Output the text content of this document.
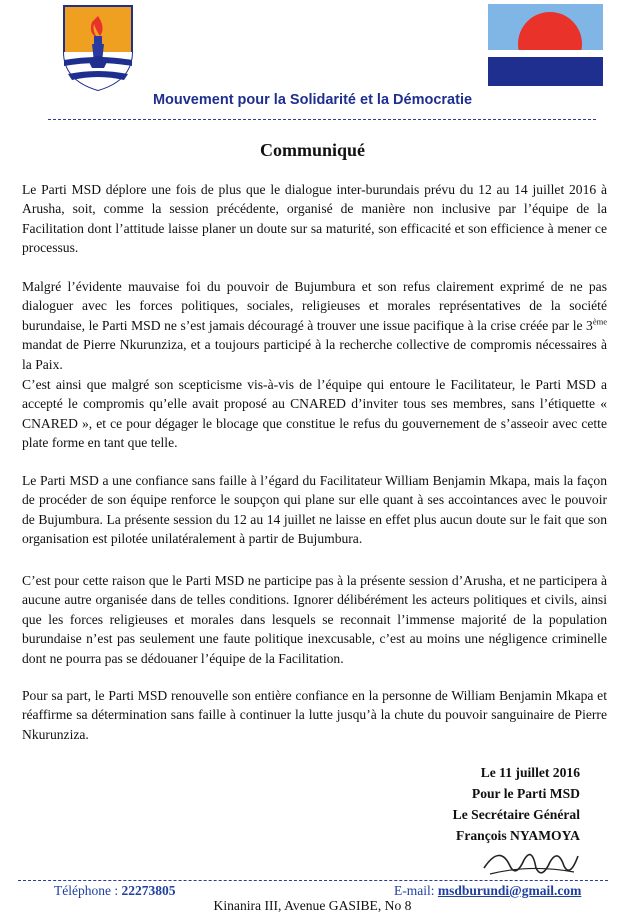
Mouvement pour la Solidarité et la Démocratie
Communiqué

Le Parti MSD déplore une fois de plus que le dialogue inter-burundais prévu du 12 au 14 juillet 2016 à Arusha, soit, comme la session précédente, organisé de manière non inclusive par l’équipe de la Facilitation dont l’attitude laisse planer un doute sur sa maturité, son efficacité et son efficience à mener ce processus.

Malgré l’évidente mauvaise foi du pouvoir de Bujumbura et son refus clairement exprimé de ne pas dialoguer avec les forces politiques, sociales, religieuses et morales représentatives de la société burundaise, le Parti MSD ne s’est jamais découragé à trouver une issue pacifique à la crise créée par le 3ème mandat de Pierre Nkurunziza, et a toujours participé à la recherche collective de compromis nécessaires à la Paix.

C’est ainsi que malgré son scepticisme vis-à-vis de l’équipe qui entoure le Facilitateur, le Parti MSD a accepté le compromis qu’elle avait proposé au CNARED d’inviter tous ses membres, sans l’étiquette « CNARED », et ce pour dégager le blocage que constitue le refus du gouvernement de s’asseoir avec cette plate forme en tant que telle.

Le Parti MSD a une confiance sans faille à l’égard du Facilitateur William Benjamin Mkapa, mais la façon de procéder de son équipe renforce le soupçon qui plane sur elle quant à ses accointances avec le pouvoir de Bujumbura. La présente session du 12 au 14 juillet ne laisse en effet plus aucun doute sur le fait que son organisation est pilotée unilatéralement à partir de Bujumbura.

C’est pour cette raison que le Parti MSD ne participe pas à la présente session d’Arusha, et ne participera à aucune autre organisée dans de telles conditions. Ignorer délibérément les acteurs politiques et civils, ainsi que les forces religieuses et morales dans lesquels se reconnait l’immense majorité de la population burundaise n’est pas seulement une faute politique inexcusable, c’est au moins une négligence criminelle dont ne pourra pas se dédouaner l’équipe de la Facilitation.

Pour sa part, le Parti MSD renouvelle son entière confiance en la personne de William Benjamin Mkapa et réaffirme sa détermination sans faille à continuer la lutte jusqu’à la chute du pouvoir sanguinaire de Pierre Nkurunziza.

Le 11 juillet 2016
Pour le Parti MSD
Le Secrétaire Général
François NYAMOYA
Téléphone : 22273805	E-mail: msdburundi@gmail.com
Kinanira III, Avenue GASIBE, No 8
